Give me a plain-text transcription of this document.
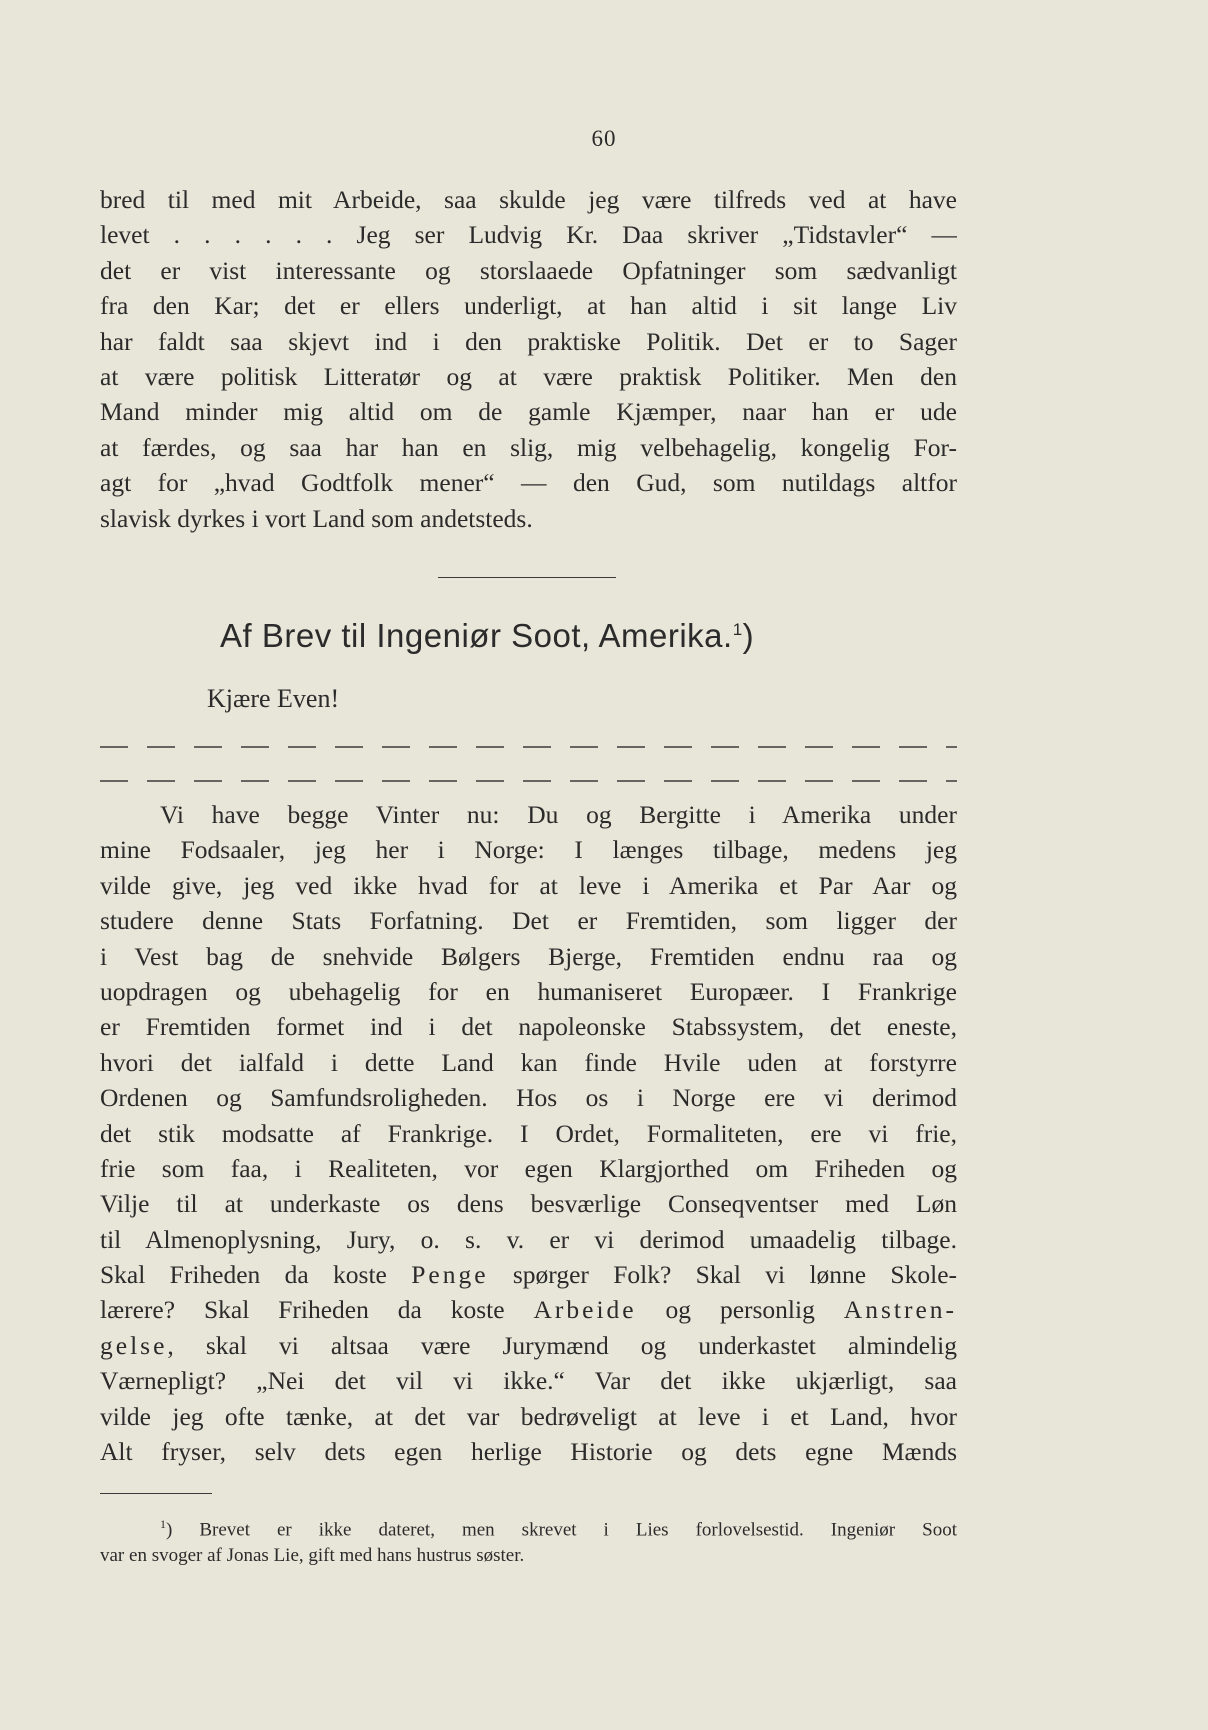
60
bred til med mit Arbeide, saa skulde jeg være tilfreds ved at have
levet . . . . . . Jeg ser Ludvig Kr. Daa skriver „Tidstavler“ —
det er vist interessante og storslaaede Opfatninger som sædvanligt
fra den Kar; det er ellers underligt, at han altid i sit lange Liv
har faldt saa skjevt ind i den praktiske Politik. Det er to Sager
at være politisk Litteratør og at være praktisk Politiker. Men den
Mand minder mig altid om de gamle Kjæmper, naar han er ude
at færdes, og saa har han en slig, mig velbehagelig, kongelig For-
agt for „hvad Godtfolk mener“ — den Gud, som nutildags altfor
slavisk dyrkes i vort Land som andetsteds.
Af Brev til Ingeniør Soot, Amerika.$^1$)
Kjære Even!
Vi have begge Vinter nu: Du og Bergitte i Amerika under
mine Fodsaaler, jeg her i Norge: I længes tilbage, medens jeg
vilde give, jeg ved ikke hvad for at leve i Amerika et Par Aar og
studere denne Stats Forfatning. Det er Fremtiden, som ligger der
i Vest bag de snehvide Bølgers Bjerge, Fremtiden endnu raa og
uopdragen og ubehagelig for en humaniseret Europæer. I Frankrige
er Fremtiden formet ind i det napoleonske Stabssystem, det eneste,
hvori det ialfald i dette Land kan finde Hvile uden at forstyrre
Ordenen og Samfundsroligheden. Hos os i Norge ere vi derimod
det stik modsatte af Frankrige. I Ordet, Formaliteten, ere vi frie,
frie som faa, i Realiteten, vor egen Klargjorthed om Friheden og
Vilje til at underkaste os dens besværlige Conseqventser med Løn
til Almenoplysning, Jury, o. s. v. er vi derimod umaadelig tilbage.
Skal Friheden da koste Penge spørger Folk? Skal vi lønne Skole-
lærere? Skal Friheden da koste Arbeide og personlig Anstren-
gelse, skal vi altsaa være Jurymænd og underkastet almindelig
Værnepligt? „Nei det vil vi ikke.“ Var det ikke ukjærligt, saa
vilde jeg ofte tænke, at det var bedrøveligt at leve i et Land, hvor
Alt fryser, selv dets egen herlige Historie og dets egne Mænds
$^1$) Brevet er ikke dateret, men skrevet i Lies forlovelsestid. Ingeniør Soot
var en svoger af Jonas Lie, gift med hans hustrus søster.
